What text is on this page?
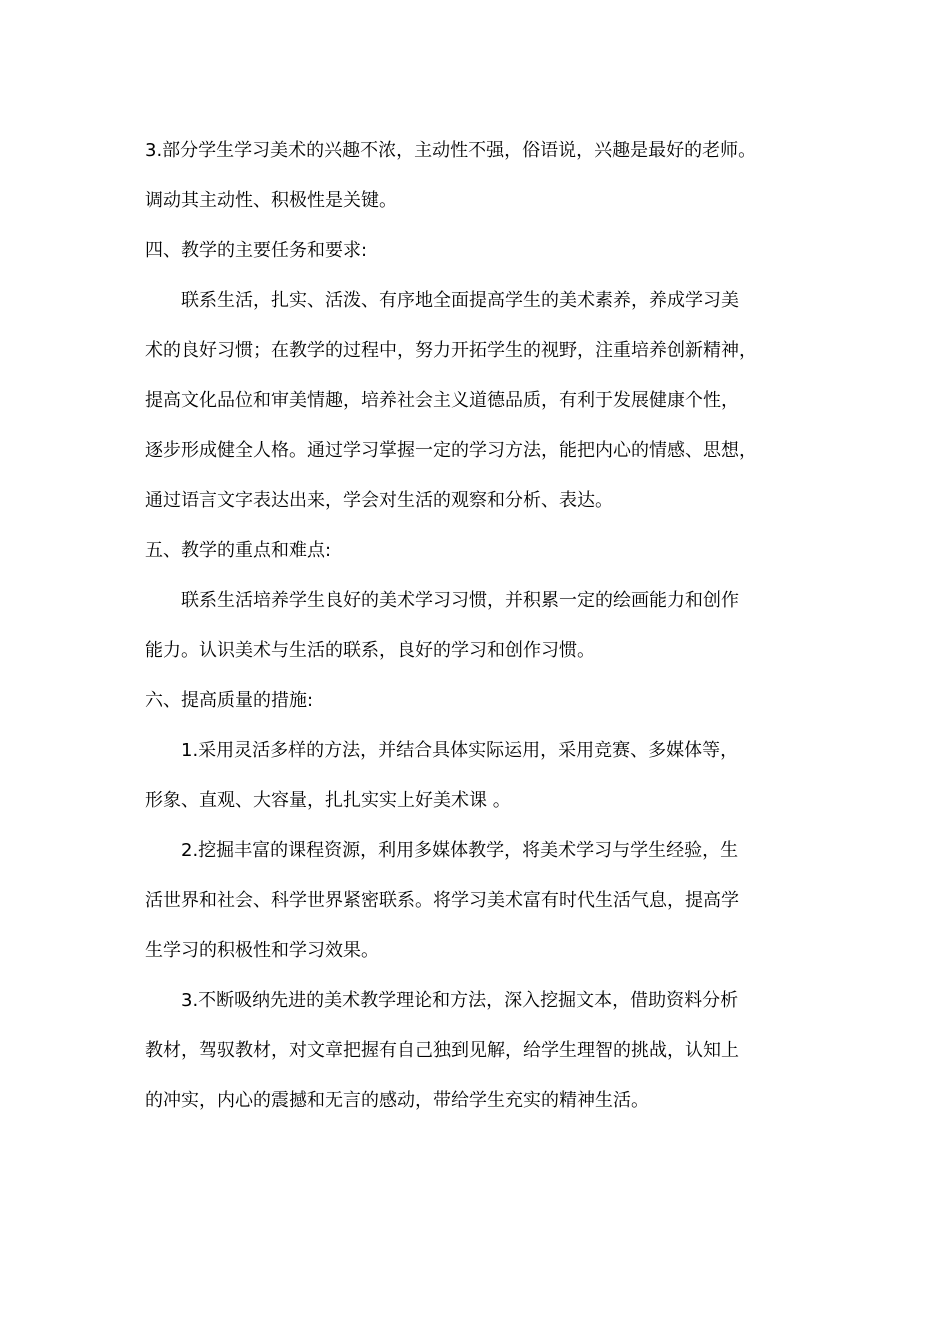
3.部分学生学习美术的兴趣不浓，主动性不强，俗语说，兴趣是最好的老师。
调动其主动性、积极性是关键。
四、教学的主要任务和要求:
联系生活，扎实、活泼、有序地全面提高学生的美术素养，养成学习美
术的良好习惯；在教学的过程中，努力开拓学生的视野，注重培养创新精神，
提高文化品位和审美情趣，培养社会主义道德品质，有利于发展健康个性，
逐步形成健全人格。通过学习掌握一定的学习方法，能把内心的情感、思想，
通过语言文字表达出来，学会对生活的观察和分析、表达。
五、教学的重点和难点:
联系生活培养学生良好的美术学习习惯，并积累一定的绘画能力和创作
能力。认识美术与生活的联系，良好的学习和创作习惯。
六、提高质量的措施:
1.采用灵活多样的方法，并结合具体实际运用，采用竞赛、多媒体等，
形象、直观、大容量，扎扎实实上好美术课 。
2.挖掘丰富的课程资源，利用多媒体教学，将美术学习与学生经验，生
活世界和社会、科学世界紧密联系。将学习美术富有时代生活气息，提高学
生学习的积极性和学习效果。
3.不断吸纳先进的美术教学理论和方法，深入挖掘文本，借助资料分析
教材，驾驭教材，对文章把握有自己独到见解，给学生理智的挑战，认知上
的冲实，内心的震撼和无言的感动，带给学生充实的精神生活。
